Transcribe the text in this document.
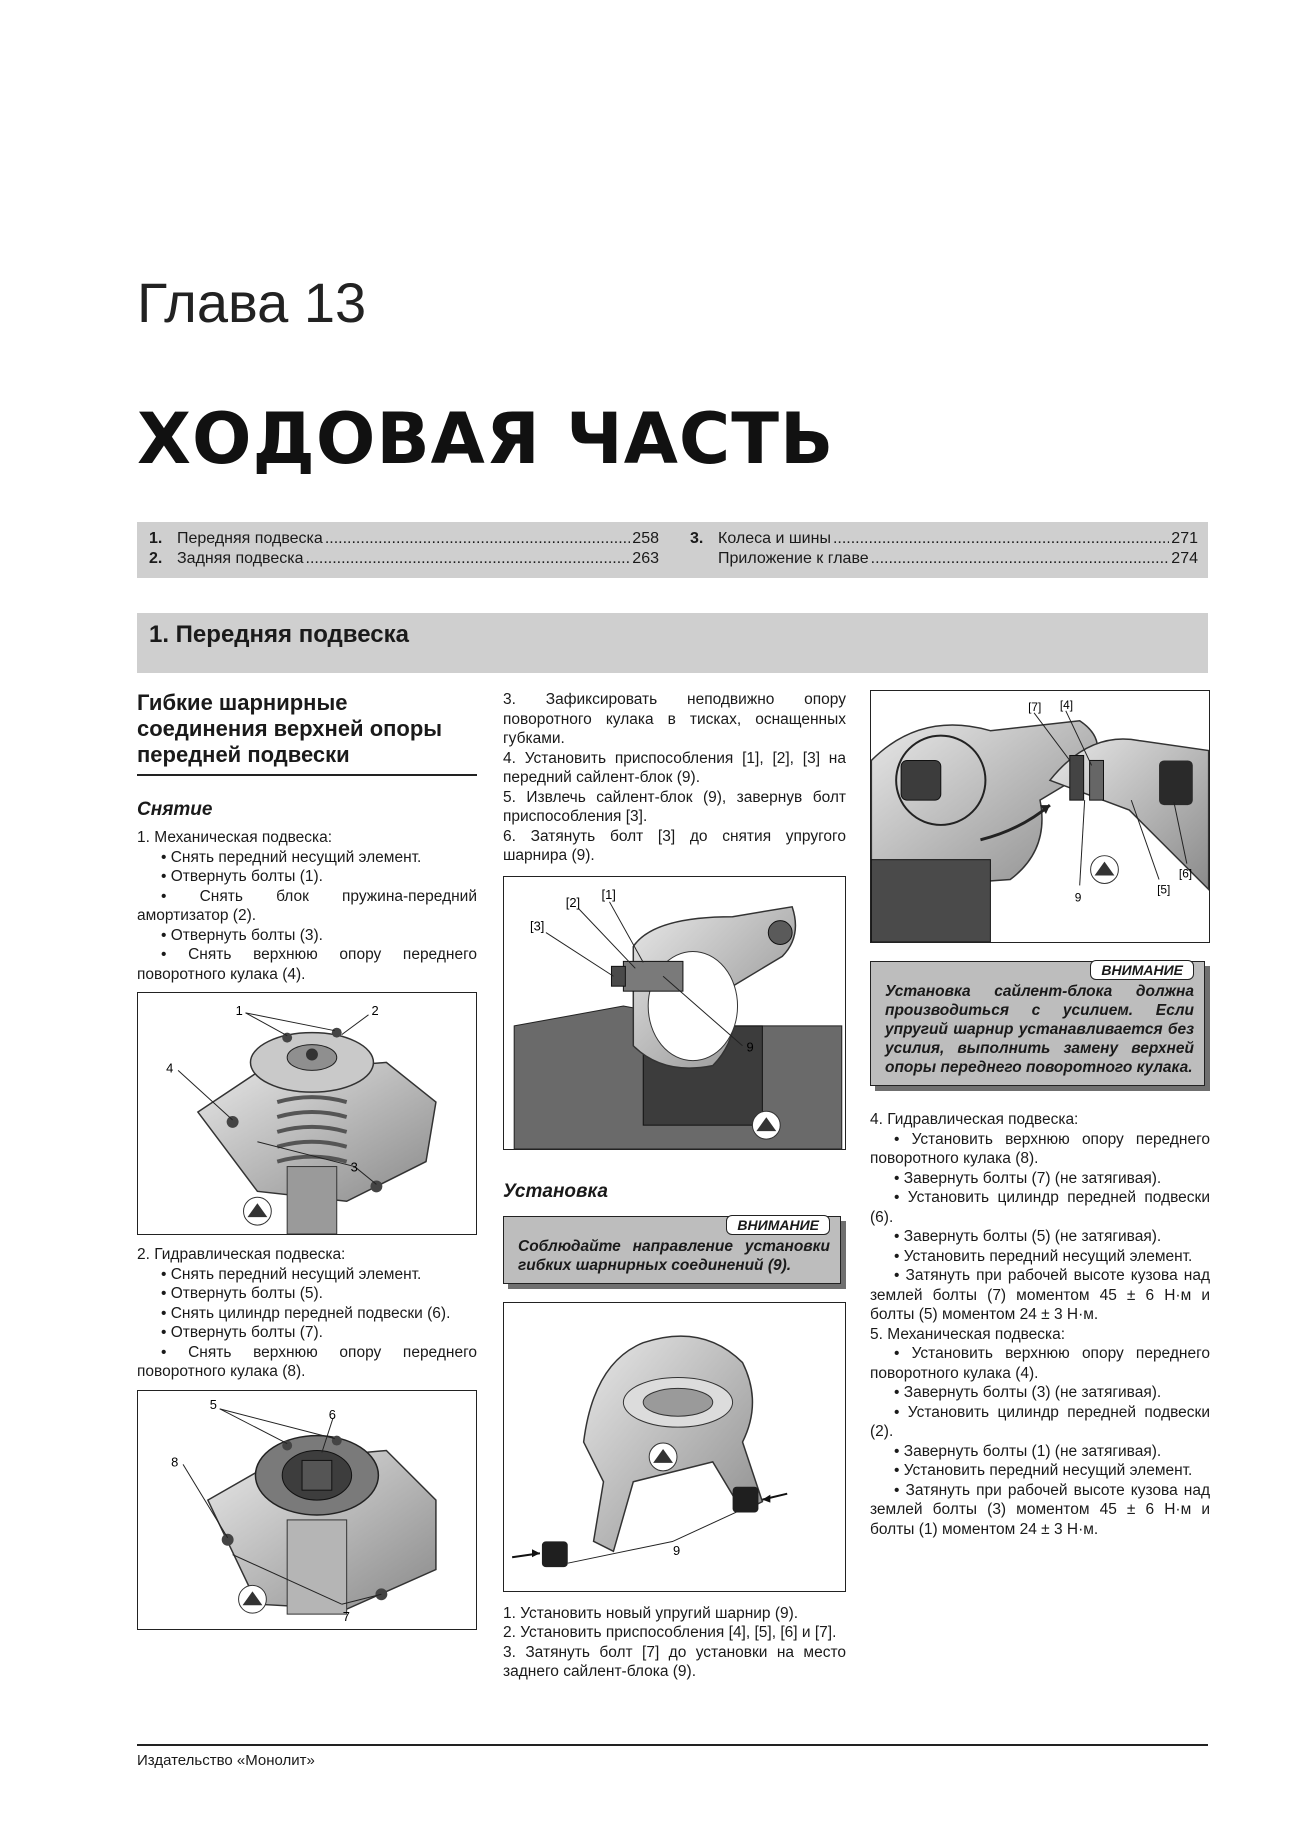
Глава 13
ХОДОВАЯ ЧАСТЬ
1. Передняя подвеска .....	258
2. Задняя подвеска .....	263
3. Колеса и шины .....	271
Приложение к главе .....	274
1. Передняя подвеска
Гибкие шарнирные соединения верхней опоры передней подвески
Снятие

1. Механическая подвеска:

• Снять передний несущий элемент.

• Отвернуть болты (1).

• Снять блок пружина-передний амортизатор (2).

• Отвернуть болты (3).

• Снять верхнюю опору переднего поворотного кулака (4).

1	2
3
4

2. Гидравлическая подвеска:

• Снять передний несущий элемент.

• Отвернуть болты (5).

• Снять цилиндр передней подвески (6).

• Отвернуть болты (7).

• Снять верхнюю опору переднего поворотного кулака (8).

5
6
7
8

3. Зафиксировать неподвижно опору поворотного кулака в тисках, оснащенных губками.

4. Установить приспособления [1], [2], [3] на передний сайлент-блок (9).

5. Извлечь сайлент-блок (9), завернув болт приспособления [3].

6. Затянуть болт [3] до снятия упругого шарнира (9).

[1]
[2]
[3]
9
Установка
ВНИМАНИЕ
Соблюдайте направление установки гибких шарнирных соединений (9).
9

1. Установить новый упругий шарнир (9).

2. Установить приспособления [4], [5], [6] и [7].

3. Затянуть болт [7] до установки на место заднего сайлент-блока (9).

[7] [4]
9
[5]
[6]
ВНИМАНИЕ
Установка сайлент-блока должна производиться с усилием. Если упругий шарнир устанавливается без усилия, выполнить замену верхней опоры переднего поворотного кулака.

4. Гидравлическая подвеска:

• Установить верхнюю опору переднего поворотного кулака (8).

• Завернуть болты (7) (не затягивая).

• Установить цилиндр передней подвески (6).

• Завернуть болты (5) (не затягивая).

• Установить передний несущий элемент.

• Затянуть при рабочей высоте кузова над землей болты (7) моментом 45 ± 6 Н·м и болты (5) моментом 24 ± 3 Н·м.

5. Механическая подвеска:

• Установить верхнюю опору переднего поворотного кулака (4).

• Завернуть болты (3) (не затягивая).

• Установить цилиндр передней подвески (2).

• Завернуть болты (1) (не затягивая).

• Установить передний несущий элемент.

• Затянуть при рабочей высоте кузова над землей болты (3) моментом 45 ± 6 Н·м и болты (1) моментом 24 ± 3 Н·м.

Издательство «Монолит»
